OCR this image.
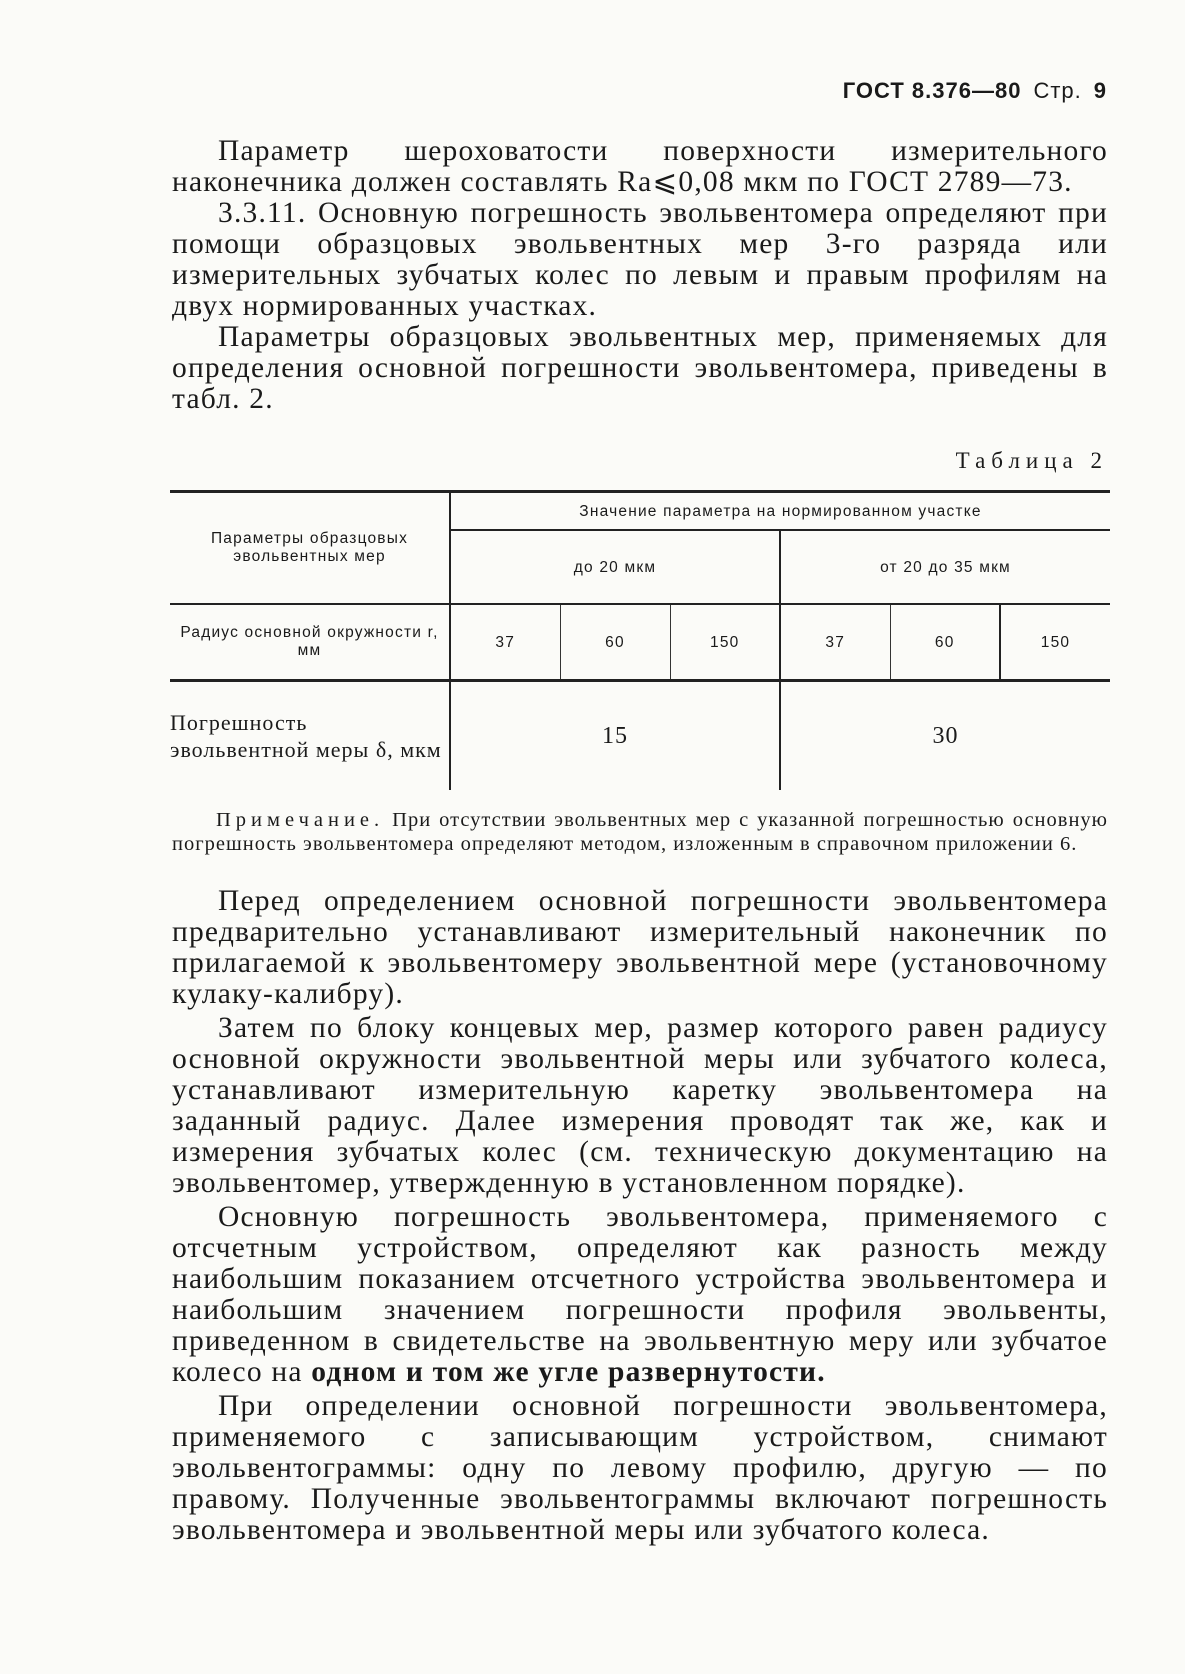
ГОСТ 8.376—80 Стр. 9

Параметр шероховатости поверхности измерительного наконечника должен составлять Ra⩽0,08 мкм по ГОСТ 2789—73.

3.3.11. Основную погрешность эвольвентомера определяют при помощи образцовых эвольвентных мер 3-го разряда или измерительных зубчатых колес по левым и правым профилям на двух нормированных участках.

Параметры образцовых эвольвентных мер, применяемых для определения основной погрешности эвольвентомера, приведены в табл. 2.

Таблица 2
Параметры образцовых эвольвентных мер	Значение параметра на нормированном участке					
	до 20 мкм			от 20 до 35 мкм		
Радиус основной окружности r, мм	37	60	150	37	60	150
Погрешность эвольвентной меры δ, мкм	15			30		
Примечание. При отсутствии эвольвентных мер с указанной погрешностью основную погрешность эвольвентомера определяют методом, изложенным в справочном приложении 6.

Перед определением основной погрешности эвольвентомера предварительно устанавливают измерительный наконечник по прилагаемой к эвольвентомеру эвольвентной мере (установочному кулаку-калибру).

Затем по блоку концевых мер, размер которого равен радиусу основной окружности эвольвентной меры или зубчатого колеса, устанавливают измерительную каретку эвольвентомера на заданный радиус. Далее измерения проводят так же, как и измерения зубчатых колес (см. техническую документацию на эвольвентомер, утвержденную в установленном порядке).

Основную погрешность эвольвентомера, применяемого с отсчетным устройством, определяют как разность между наибольшим показанием отсчетного устройства эвольвентомера и наибольшим значением погрешности профиля эвольвенты, приведенном в свидетельстве на эвольвентную меру или зубчатое колесо на одном и том же угле развернутости.

При определении основной погрешности эвольвентомера, применяемого с записывающим устройством, снимают эвольвентограммы: одну по левому профилю, другую — по правому. Полученные эвольвентограммы включают погрешность эвольвентомера и эвольвентной меры или зубчатого колеса.
